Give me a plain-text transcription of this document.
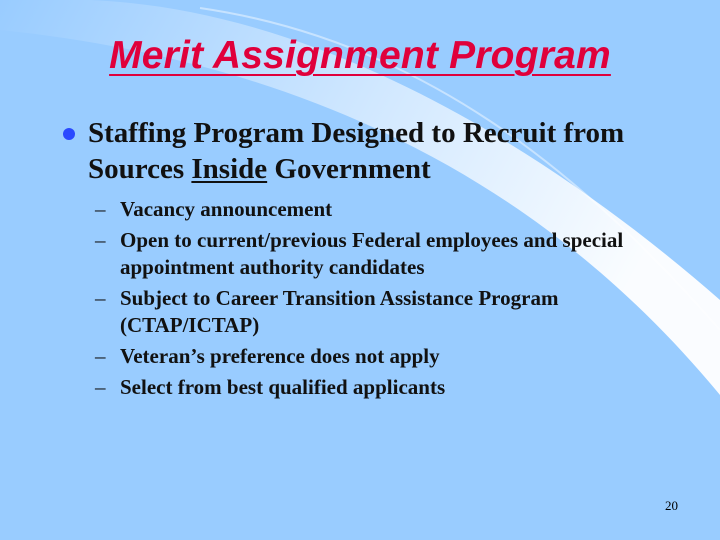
Merit Assignment Program
Staffing Program Designed to Recruit from Sources Inside Government
– Vacancy announcement
– Open to current/previous Federal employees and special appointment authority candidates
– Subject to Career Transition Assistance Program (CTAP/ICTAP)
– Veteran’s preference does not apply
– Select from best qualified applicants
20
